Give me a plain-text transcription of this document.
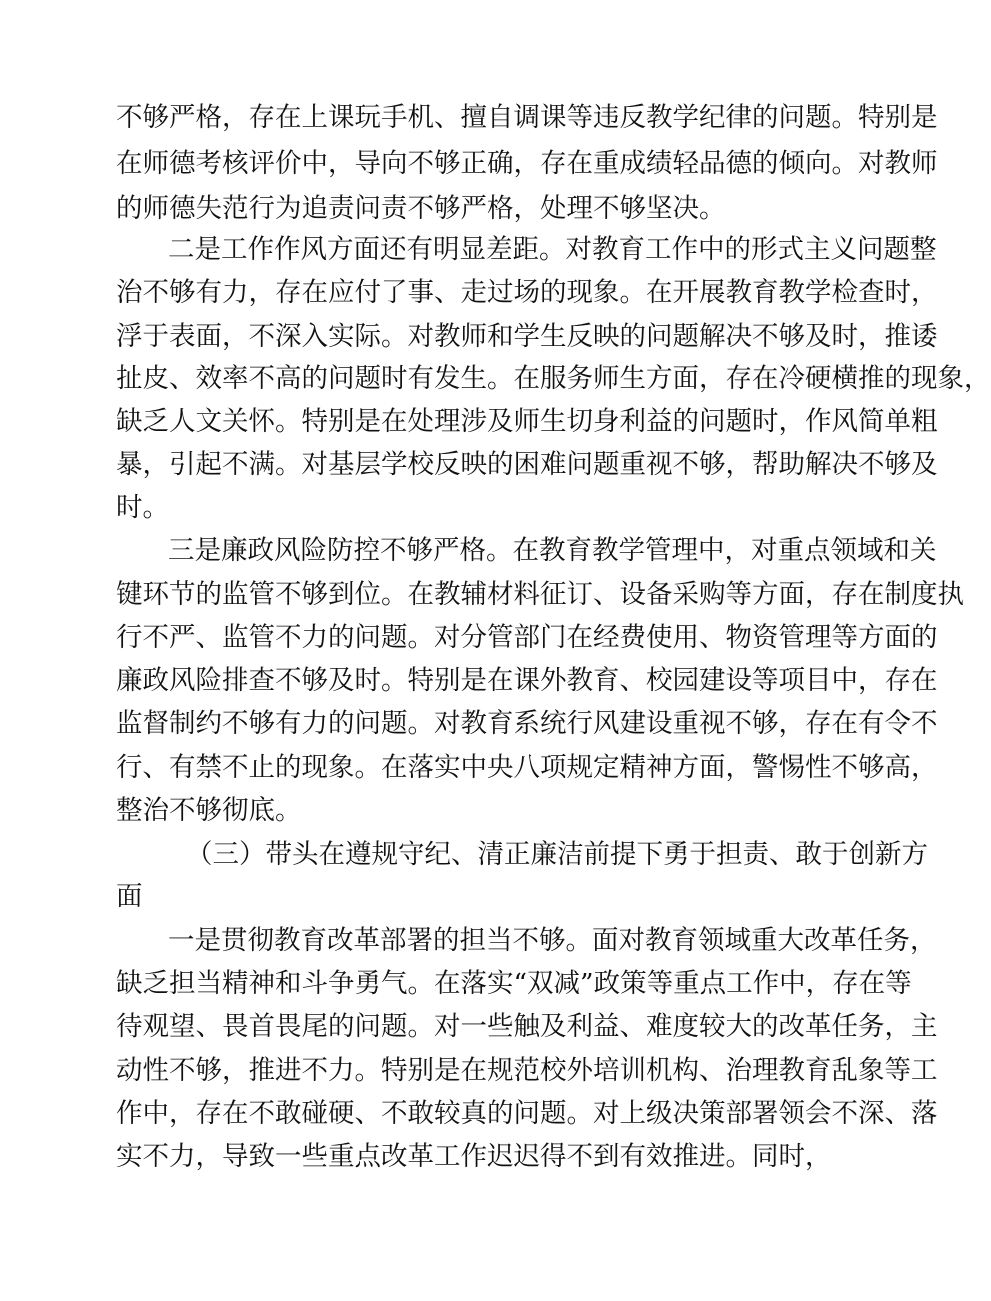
不够严格，存在上课玩手机、擅自调课等违反教学纪律的问题。特别是
在师德考核评价中，导向不够正确，存在重成绩轻品德的倾向。对教师
的师德失范行为追责问责不够严格，处理不够坚决。
二是工作作风方面还有明显差距。对教育工作中的形式主义问题整
治不够有力，存在应付了事、走过场的现象。在开展教育教学检查时，
浮于表面，不深入实际。对教师和学生反映的问题解决不够及时，推诿
扯皮、效率不高的问题时有发生。在服务师生方面，存在冷硬横推的现象，
缺乏人文关怀。特别是在处理涉及师生切身利益的问题时，作风简单粗
暴，引起不满。对基层学校反映的困难问题重视不够，帮助解决不够及
时。
三是廉政风险防控不够严格。在教育教学管理中，对重点领域和关
键环节的监管不够到位。在教辅材料征订、设备采购等方面，存在制度执
行不严、监管不力的问题。对分管部门在经费使用、物资管理等方面的
廉政风险排查不够及时。特别是在课外教育、校园建设等项目中，存在
监督制约不够有力的问题。对教育系统行风建设重视不够，存在有令不
行、有禁不止的现象。在落实中央八项规定精神方面，警惕性不够高，
整治不够彻底。
（三）带头在遵规守纪、清正廉洁前提下勇于担责、敢于创新方
面
一是贯彻教育改革部署的担当不够。面对教育领域重大改革任务，
缺乏担当精神和斗争勇气。在落实“双减”政策等重点工作中，存在等
待观望、畏首畏尾的问题。对一些触及利益、难度较大的改革任务，主
动性不够，推进不力。特别是在规范校外培训机构、治理教育乱象等工
作中，存在不敢碰硬、不敢较真的问题。对上级决策部署领会不深、落
实不力，导致一些重点改革工作迟迟得不到有效推进。同时，
